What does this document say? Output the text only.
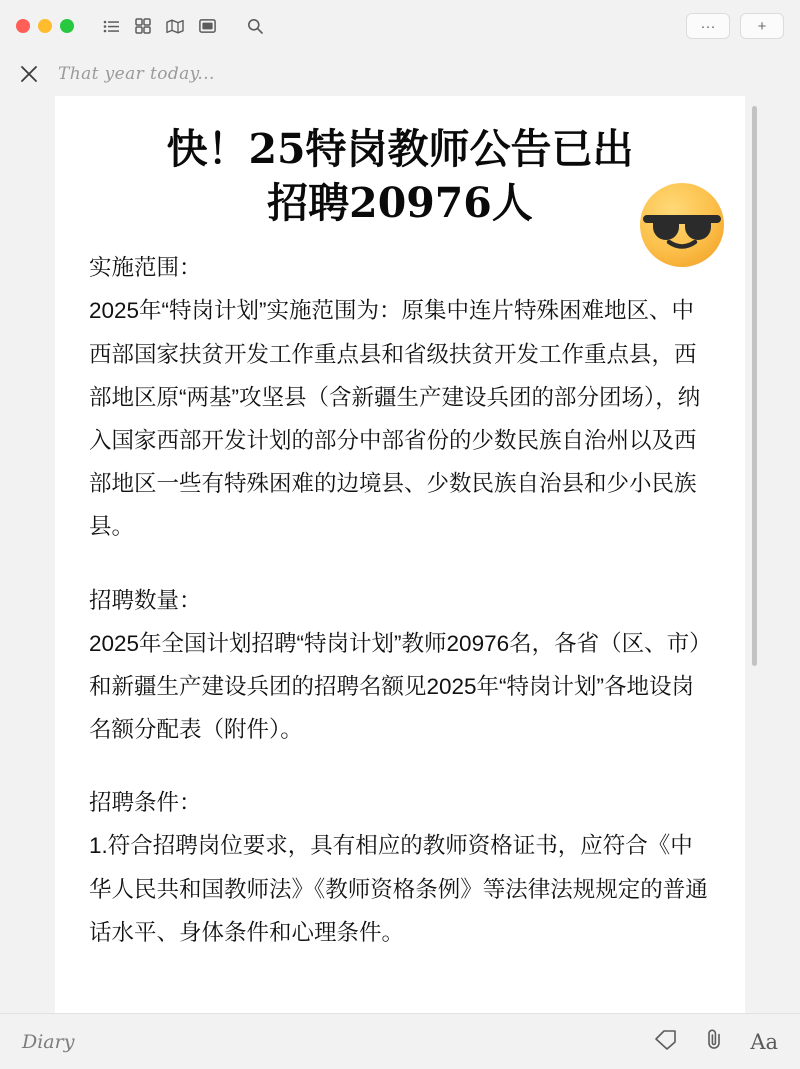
···	+
That year today...
快！25特岗教师公告已出
招聘20976人

实施范围：

2025年“特岗计划”实施范围为：原集中连片特殊困难地区、中西部国家扶贫开发工作重点县和省级扶贫开发工作重点县，西部地区原“两基”攻坚县（含新疆生产建设兵团的部分团场），纳入国家西部开发计划的部分中部省份的少数民族自治州以及西部地区一些有特殊困难的边境县、少数民族自治县和少小民族县。

招聘数量：

2025年全国计划招聘“特岗计划”教师20976名，各省（区、市）和新疆生产建设兵团的招聘名额见2025年“特岗计划”各地设岗名额分配表（附件）。

招聘条件：

1.符合招聘岗位要求，具有相应的教师资格证书，应符合《中华人民共和国教师法》《教师资格条例》等法律法规规定的普通话水平、身体条件和心理条件。

Diary	Aa
